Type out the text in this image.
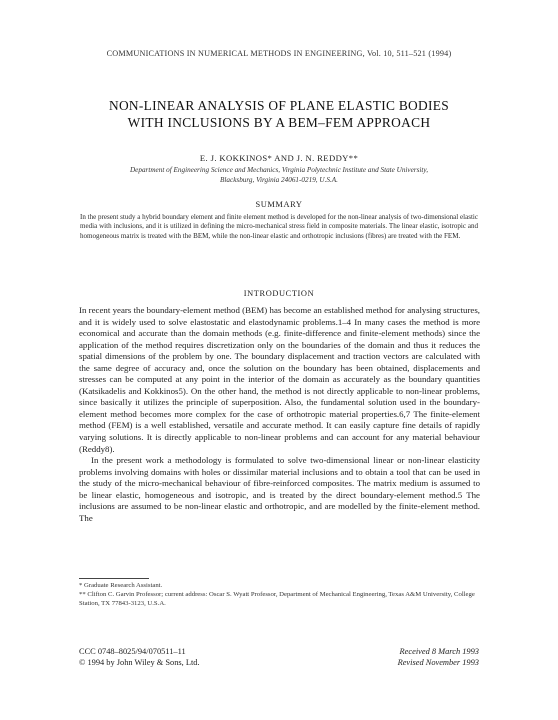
COMMUNICATIONS IN NUMERICAL METHODS IN ENGINEERING, Vol. 10, 511–521 (1994)
NON-LINEAR ANALYSIS OF PLANE ELASTIC BODIES
WITH INCLUSIONS BY A BEM–FEM APPROACH
E. J. KOKKINOS* AND J. N. REDDY**
Department of Engineering Science and Mechanics, Virginia Polytechnic Institute and State University,
Blacksburg, Virginia 24061-0219, U.S.A.
SUMMARY
In the present study a hybrid boundary element and finite element method is developed for the non-linear analysis of two-dimensional elastic media with inclusions, and it is utilized in defining the micro-mechanical stress field in composite materials. The linear elastic, isotropic and homogeneous matrix is treated with the BEM, while the non-linear elastic and orthotropic inclusions (fibres) are treated with the FEM.
INTRODUCTION

In recent years the boundary-element method (BEM) has become an established method for analysing structures, and it is widely used to solve elastostatic and elastodynamic problems.1–4 In many cases the method is more economical and accurate than the domain methods (e.g. finite-difference and finite-element methods) since the application of the method requires discretization only on the boundaries of the domain and thus it reduces the spatial dimensions of the problem by one. The boundary displacement and traction vectors are calculated with the same degree of accuracy and, once the solution on the boundary has been obtained, displacements and stresses can be computed at any point in the interior of the domain as accurately as the boundary quantities (Katsikadelis and Kokkinos5). On the other hand, the method is not directly applicable to non-linear problems, since basically it utilizes the principle of superposition. Also, the fundamental solution used in the boundary-element method becomes more complex for the case of orthotropic material properties.6,7 The finite-element method (FEM) is a well established, versatile and accurate method. It can easily capture fine details of rapidly varying solutions. It is directly applicable to non-linear problems and can account for any material behaviour (Reddy8).

In the present work a methodology is formulated to solve two-dimensional linear or non-linear elasticity problems involving domains with holes or dissimilar material inclusions and to obtain a tool that can be used in the study of the micro-mechanical behaviour of fibre-reinforced composites. The matrix medium is assumed to be linear elastic, homogeneous and isotropic, and is treated by the direct boundary-element method.5 The inclusions are assumed to be non-linear elastic and orthotropic, and are modelled by the finite-element method. The

* Graduate Research Assistant.

** Clifton C. Garvin Professor; current address: Oscar S. Wyatt Professor, Department of Mechanical Engineering, Texas A&M University, College Station, TX 77843-3123, U.S.A.

CCC 0748–8025/94/070511–11
© 1994 by John Wiley & Sons, Ltd.
Received 8 March 1993
Revised November 1993
